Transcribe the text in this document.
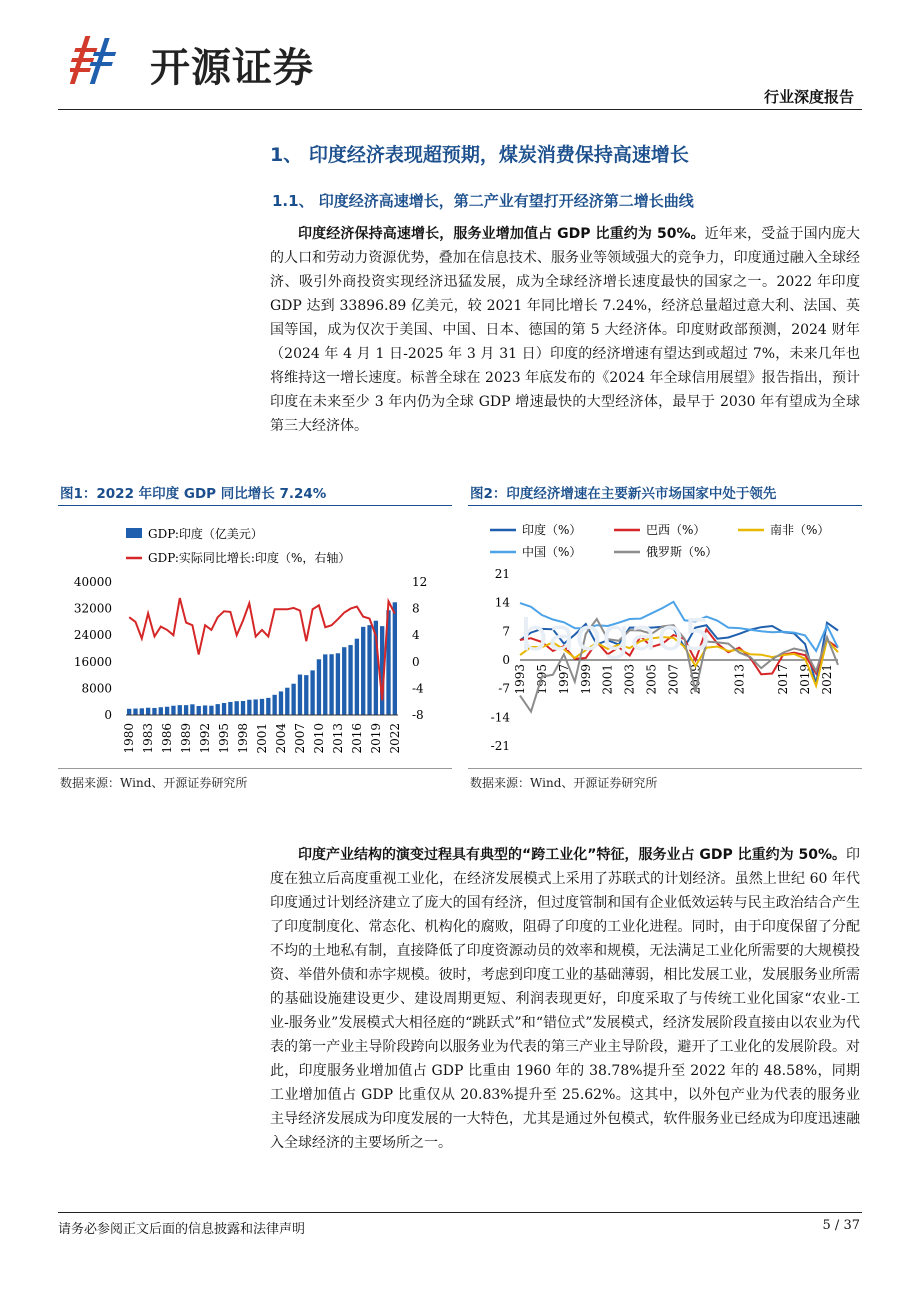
开源证券
行业深度报告
1、 印度经济表现超预期，煤炭消费保持高速增长
1.1、 印度经济高速增长，第二产业有望打开经济第二增长曲线
印度经济保持高速增长，服务业增加值占 GDP 比重约为 50%。近年来，受益于国内庞大的人口和劳动力资源优势，叠加在信息技术、服务业等领域强大的竞争力，印度通过融入全球经济、吸引外商投资实现经济迅猛发展，成为全球经济增长速度最快的国家之一。2022 年印度 GDP 达到 33896.89 亿美元，较 2021 年同比增长 7.24%，经济总量超过意大利、法国、英国等国，成为仅次于美国、中国、日本、德国的第 5 大经济体。印度财政部预测，2024 财年（2024 年 4 月 1 日-2025 年 3 月 31 日）印度的经济增速有望达到或超过 7%，未来几年也将维持这一增长速度。标普全球在 2023 年底发布的《2024 年全球信用展望》报告指出，预计印度在未来至少 3 年内仍为全球 GDP 增速最快的大型经济体，最早于 2030 年有望成为全球第三大经济体。
图1：2022 年印度 GDP 同比增长 7.24%	图2：印度经济增速在主要新兴市场国家中处于领先
GDP:印度（亿美元）
GDP:实际同比增长:印度（%，右轴）
40000
32000
24000
16000
8000
0
12
8
4
0
-4
-8
1980 1983 1986 1989 1992 1995 1998 2001 2004 2007 2010 2013 2016 2019 2022
印度（%）	巴西（%）	南非（%）
中国（%）	俄罗斯（%）
21
14
7
0
-7
-14
-21
1993 1995 1997 1999 2001 2003 2005 2007 2009 2013 2017 2019 2021
baogao5
数据来源：Wind、开源证券研究所	数据来源：Wind、开源证券研究所
印度产业结构的演变过程具有典型的“跨工业化”特征，服务业占 GDP 比重约为 50%。印度在独立后高度重视工业化，在经济发展模式上采用了苏联式的计划经济。虽然上世纪 60 年代印度通过计划经济建立了庞大的国有经济，但过度管制和国有企业低效运转与民主政治结合产生了印度制度化、常态化、机构化的腐败，阻碍了印度的工业化进程。同时，由于印度保留了分配不均的土地私有制，直接降低了印度资源动员的效率和规模，无法满足工业化所需要的大规模投资、举借外债和赤字规模。彼时，考虑到印度工业的基础薄弱，相比发展工业，发展服务业所需的基础设施建设更少、建设周期更短、利润表现更好，印度采取了与传统工业化国家“农业-工业-服务业”发展模式大相径庭的“跳跃式”和“错位式”发展模式，经济发展阶段直接由以农业为代表的第一产业主导阶段跨向以服务业为代表的第三产业主导阶段，避开了工业化的发展阶段。对此，印度服务业增加值占 GDP 比重由 1960 年的 38.78%提升至 2022 年的 48.58%，同期工业增加值占 GDP 比重仅从 20.83%提升至 25.62%。这其中，以外包产业为代表的服务业主导经济发展成为印度发展的一大特色，尤其是通过外包模式，软件服务业已经成为印度迅速融入全球经济的主要场所之一。
请务必参阅正文后面的信息披露和法律声明	5 / 37
